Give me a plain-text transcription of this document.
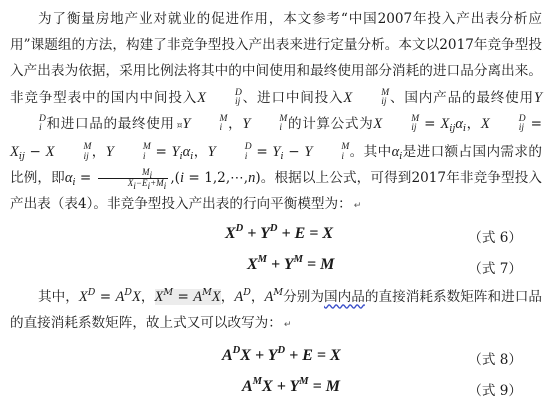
为了衡量房地产业对就业的促进作用，本文参考“中国2007年投入产出表分析应用”课题组的方法，构建了非竞争型投入产出表来进行定量分析。本文以2017年竞争型投入产出表为依据，采用比例法将其中的中间使用和最终使用部分消耗的进口品分离出来。非竞争型表中的国内中间投入X	D
ij 、进口中间投入X	M
ij 、国内产品的最终使用Y
D
i 和进口品的最终使用 ¤Y	M
i ，Y	M
i 的计算公式为X	M
ij = $X_{ij}\alpha_i$，X	D
ij = $X_{ij} - X$	M
ij ，Y	M
$i = Y_i\alpha_i$，Y	D
$i = Y_i - Y$	M
i 。其中$\alpha_i$是进口额占国内需求的比例，即$\alpha_i = \frac{M_i}{X_i-E_i+M_i} ,(i$ = 1,2,⋯,n)。根据以上公式，可得到2017年非竞争型投入产出表（表4）。非竞争型投入产出表的行向平衡模型为： ↵

$X^D + Y^D + E = X$	（式 6）
$X^M + Y^M = M$	（式 7）

其中，$X^D = A^DX$，$X^M = A^MX$，$A^D$，$A^M$分别为国内品的直接消耗系数矩阵和进口品的直接消耗系数矩阵，故上式又可以改写为： ↵

$A^DX + Y^D + E = X$	（式 8）
$A^MX + Y^M = M$	（式 9）
